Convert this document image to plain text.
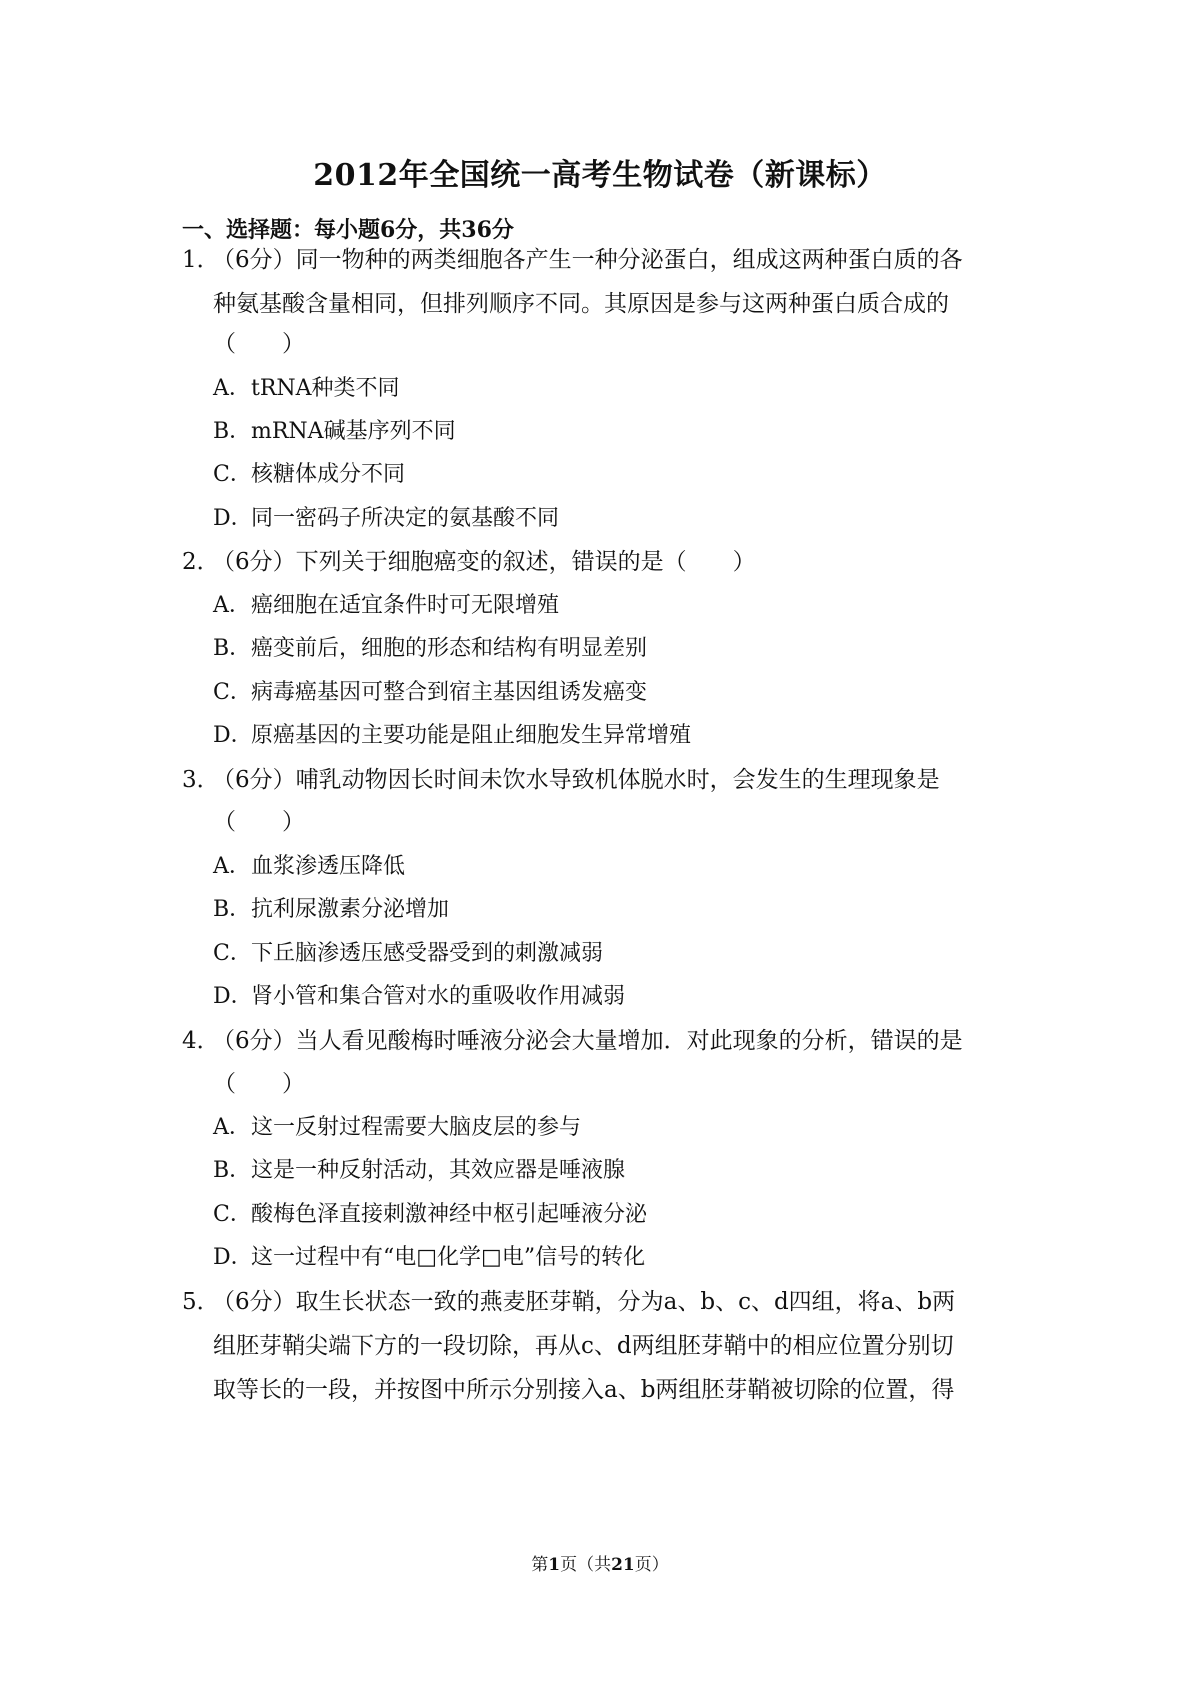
2012年全国统一高考生物试卷（新课标）
一、选择题：每小题6分，共36分
1．（6分）同一物种的两类细胞各产生一种分泌蛋白，组成这两种蛋白质的各
种氨基酸含量相同，但排列顺序不同。其原因是参与这两种蛋白质合成的
（　　）
A．tRNA种类不同
B．mRNA碱基序列不同
C．核糖体成分不同
D．同一密码子所决定的氨基酸不同
2．（6分）下列关于细胞癌变的叙述，错误的是（　　）
A．癌细胞在适宜条件时可无限增殖
B．癌变前后，细胞的形态和结构有明显差别
C．病毒癌基因可整合到宿主基因组诱发癌变
D．原癌基因的主要功能是阻止细胞发生异常增殖
3．（6分）哺乳动物因长时间未饮水导致机体脱水时，会发生的生理现象是
（　　）
A．血浆渗透压降低
B．抗利尿激素分泌增加
C．下丘脑渗透压感受器受到的刺激减弱
D．肾小管和集合管对水的重吸收作用减弱
4．（6分）当人看见酸梅时唾液分泌会大量增加．对此现象的分析，错误的是
（　　）
A．这一反射过程需要大脑皮层的参与
B．这是一种反射活动，其效应器是唾液腺
C．酸梅色泽直接刺激神经中枢引起唾液分泌
D．这一过程中有“电□化学□电”信号的转化
5．（6分）取生长状态一致的燕麦胚芽鞘，分为a、b、c、d四组，将a、b两
组胚芽鞘尖端下方的一段切除，再从c、d两组胚芽鞘中的相应位置分别切
取等长的一段，并按图中所示分别接入a、b两组胚芽鞘被切除的位置，得
第1页（共21页）
